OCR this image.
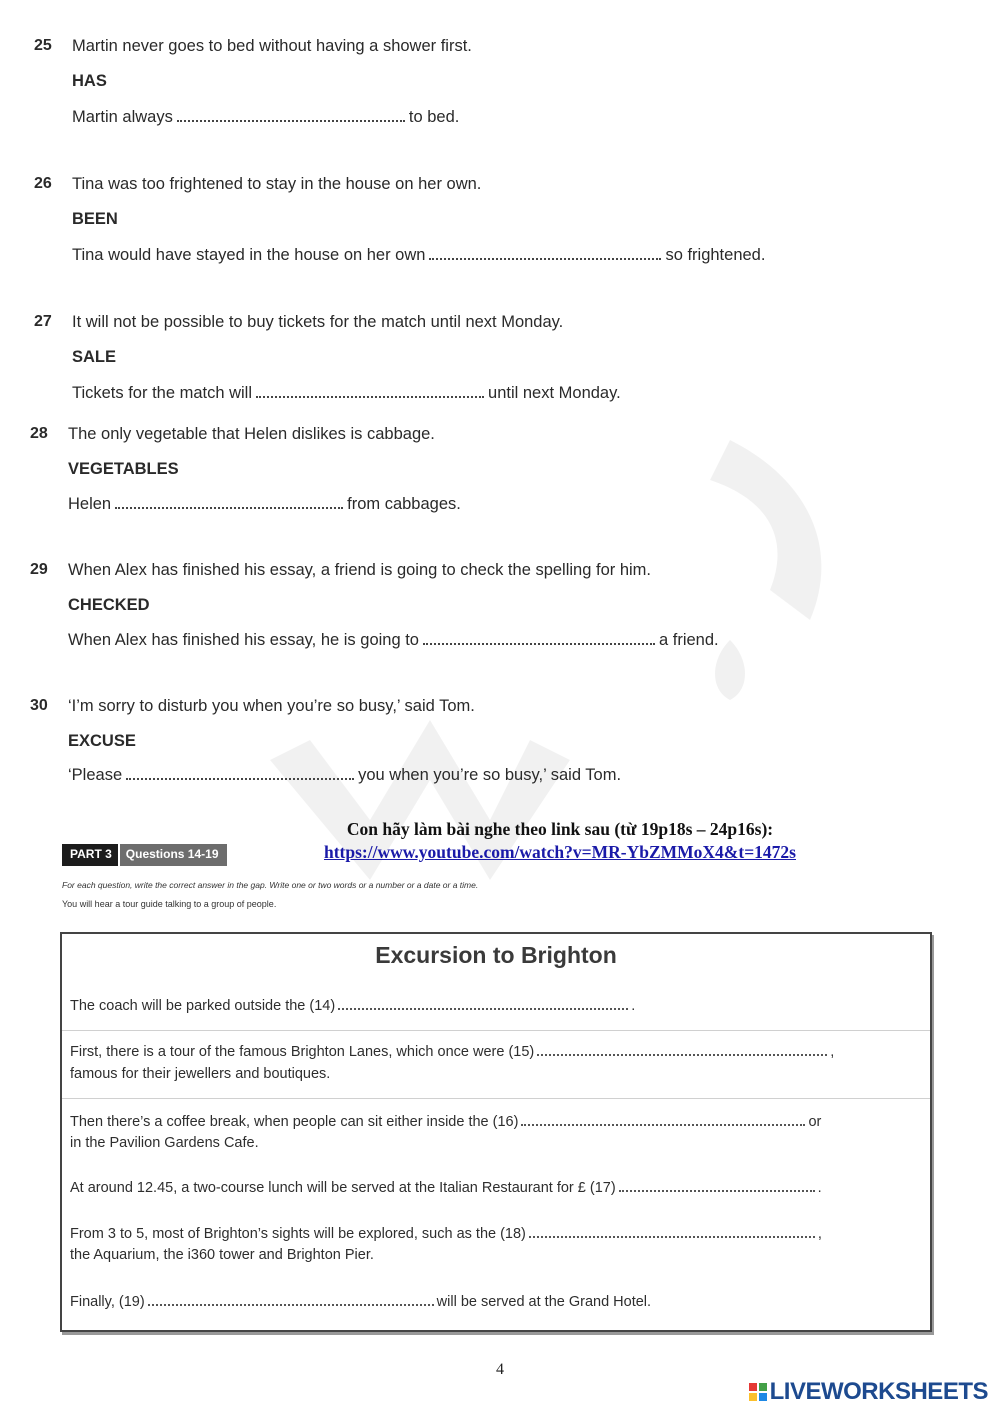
25 Martin never goes to bed without having a shower first.
HAS
Martin always	to bed.
26 Tina was too frightened to stay in the house on her own.
BEEN
Tina would have stayed in the house on her own	so frightened.
27 It will not be possible to buy tickets for the match until next Monday.
SALE
Tickets for the match will	until next Monday.
28 The only vegetable that Helen dislikes is cabbage.
VEGETABLES
Helen	from cabbages.
29 When Alex has finished his essay, a friend is going to check the spelling for him.
CHECKED
When Alex has finished his essay, he is going to	a friend.
30 ‘I’m sorry to disturb you when you’re so busy,’ said Tom.
EXCUSE
‘Please	you when you’re so busy,’ said Tom.
Con hãy làm bài nghe theo link sau (từ 19p18s – 24p16s):
https://www.youtube.com/watch?v=MR-YbZMMoX4&t=1472s
PART 3	Questions 14-19
For each question, write the correct answer in the gap. Write one or two words or a number or a date or a time.
You will hear a tour guide talking to a group of people.
Excursion to Brighton
The coach will be parked outside the (14)	.
First, there is a tour of the famous Brighton Lanes, which once were (15)	,
famous for their jewellers and boutiques.
Then there’s a coffee break, when people can sit either inside the (16)	or
in the Pavilion Gardens Cafe.
At around 12.45, a two-course lunch will be served at the Italian Restaurant for £ (17)	.
From 3 to 5, most of Brighton’s sights will be explored, such as the (18)	,
the Aquarium, the i360 tower and Brighton Pier.
Finally, (19)	will be served at the Grand Hotel.
4
LIVEWORKSHEETS
